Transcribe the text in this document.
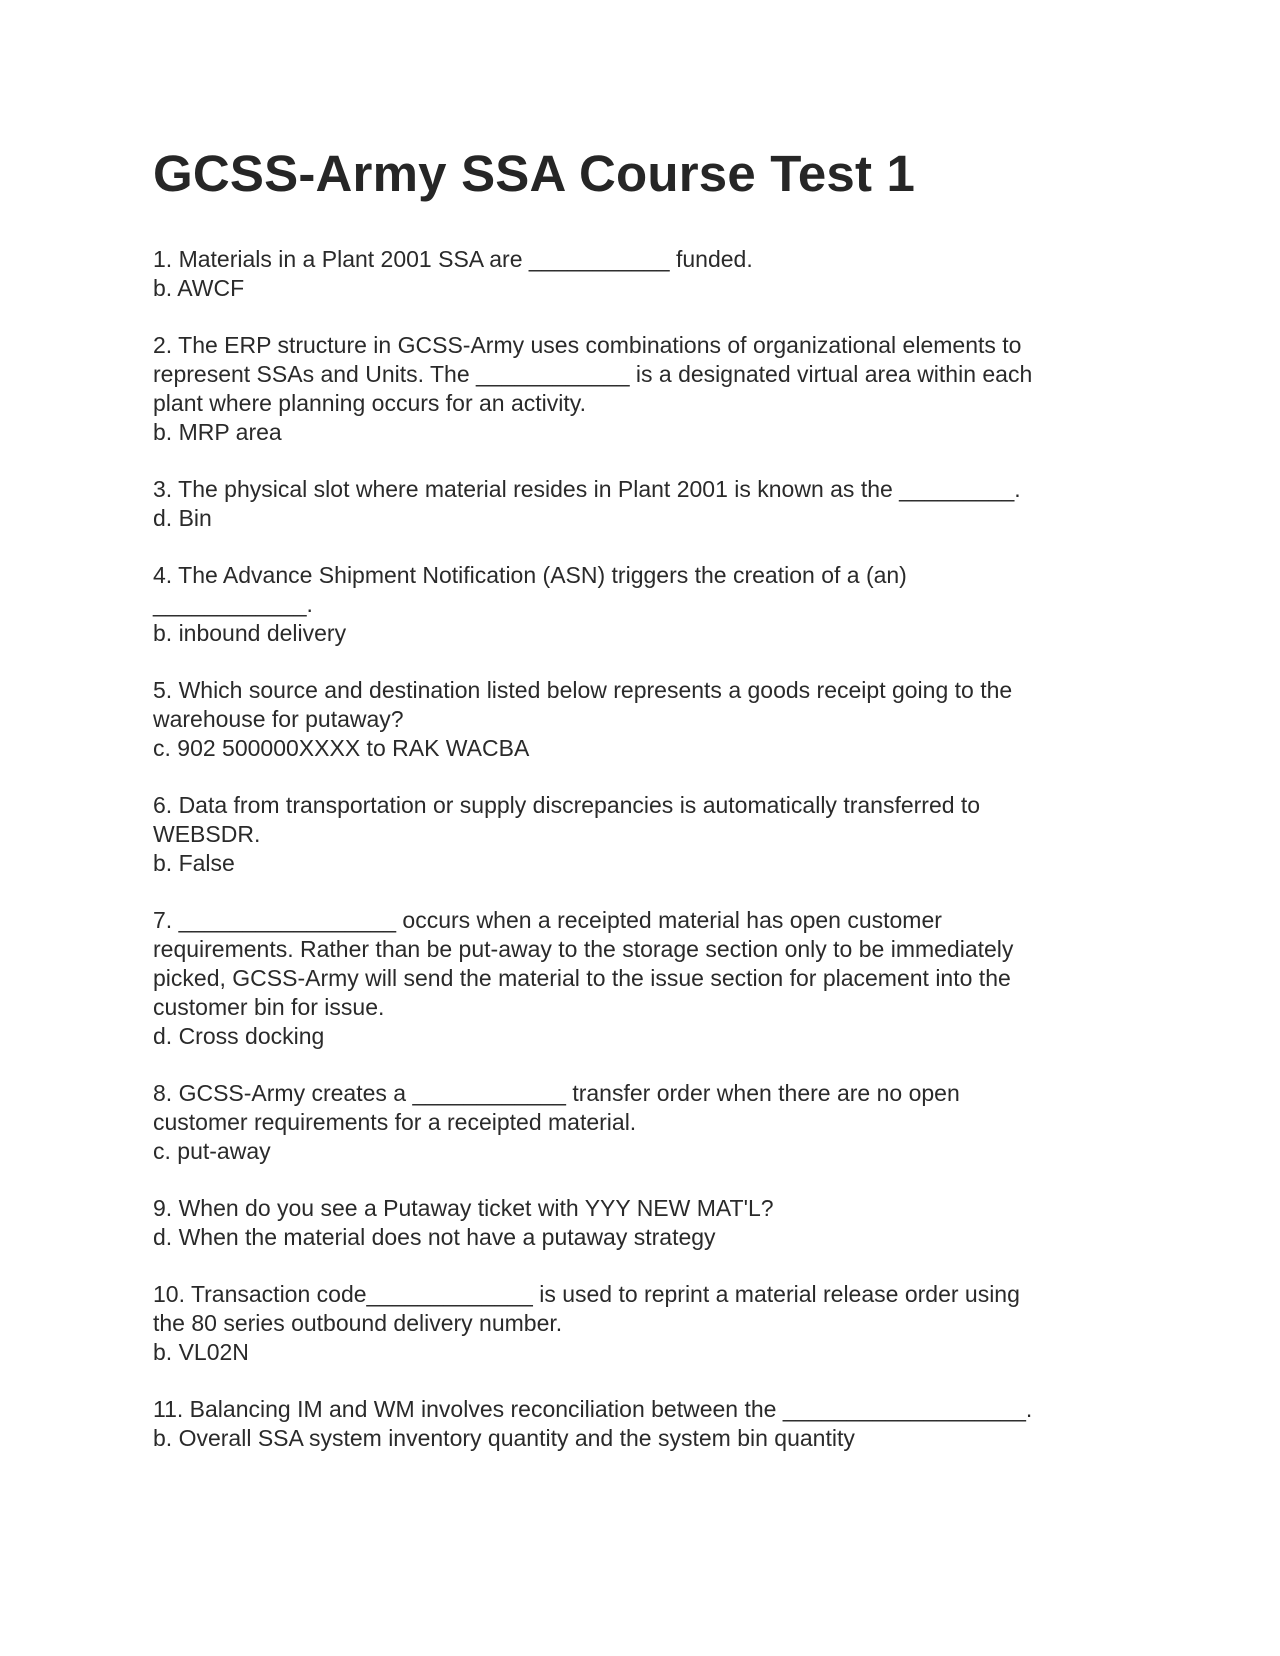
GCSS-Army SSA Course Test 1
1. Materials in a Plant 2001 SSA are ___________ funded.
b. AWCF
2. The ERP structure in GCSS-Army uses combinations of organizational elements to
represent SSAs and Units. The ____________ is a designated virtual area within each
plant where planning occurs for an activity.
b. MRP area
3. The physical slot where material resides in Plant 2001 is known as the _________.
d. Bin
4. The Advance Shipment Notification (ASN) triggers the creation of a (an)
____________.
b. inbound delivery
5. Which source and destination listed below represents a goods receipt going to the
warehouse for putaway?
c. 902 500000XXXX to RAK WACBA
6. Data from transportation or supply discrepancies is automatically transferred to
WEBSDR.
b. False
7. _________________ occurs when a receipted material has open customer
requirements. Rather than be put-away to the storage section only to be immediately
picked, GCSS-Army will send the material to the issue section for placement into the
customer bin for issue.
d. Cross docking
8. GCSS-Army creates a ____________ transfer order when there are no open
customer requirements for a receipted material.
c. put-away
9. When do you see a Putaway ticket with YYY NEW MAT'L?
d. When the material does not have a putaway strategy
10. Transaction code_____________ is used to reprint a material release order using
the 80 series outbound delivery number.
b. VL02N
11. Balancing IM and WM involves reconciliation between the ___________________.
b. Overall SSA system inventory quantity and the system bin quantity
